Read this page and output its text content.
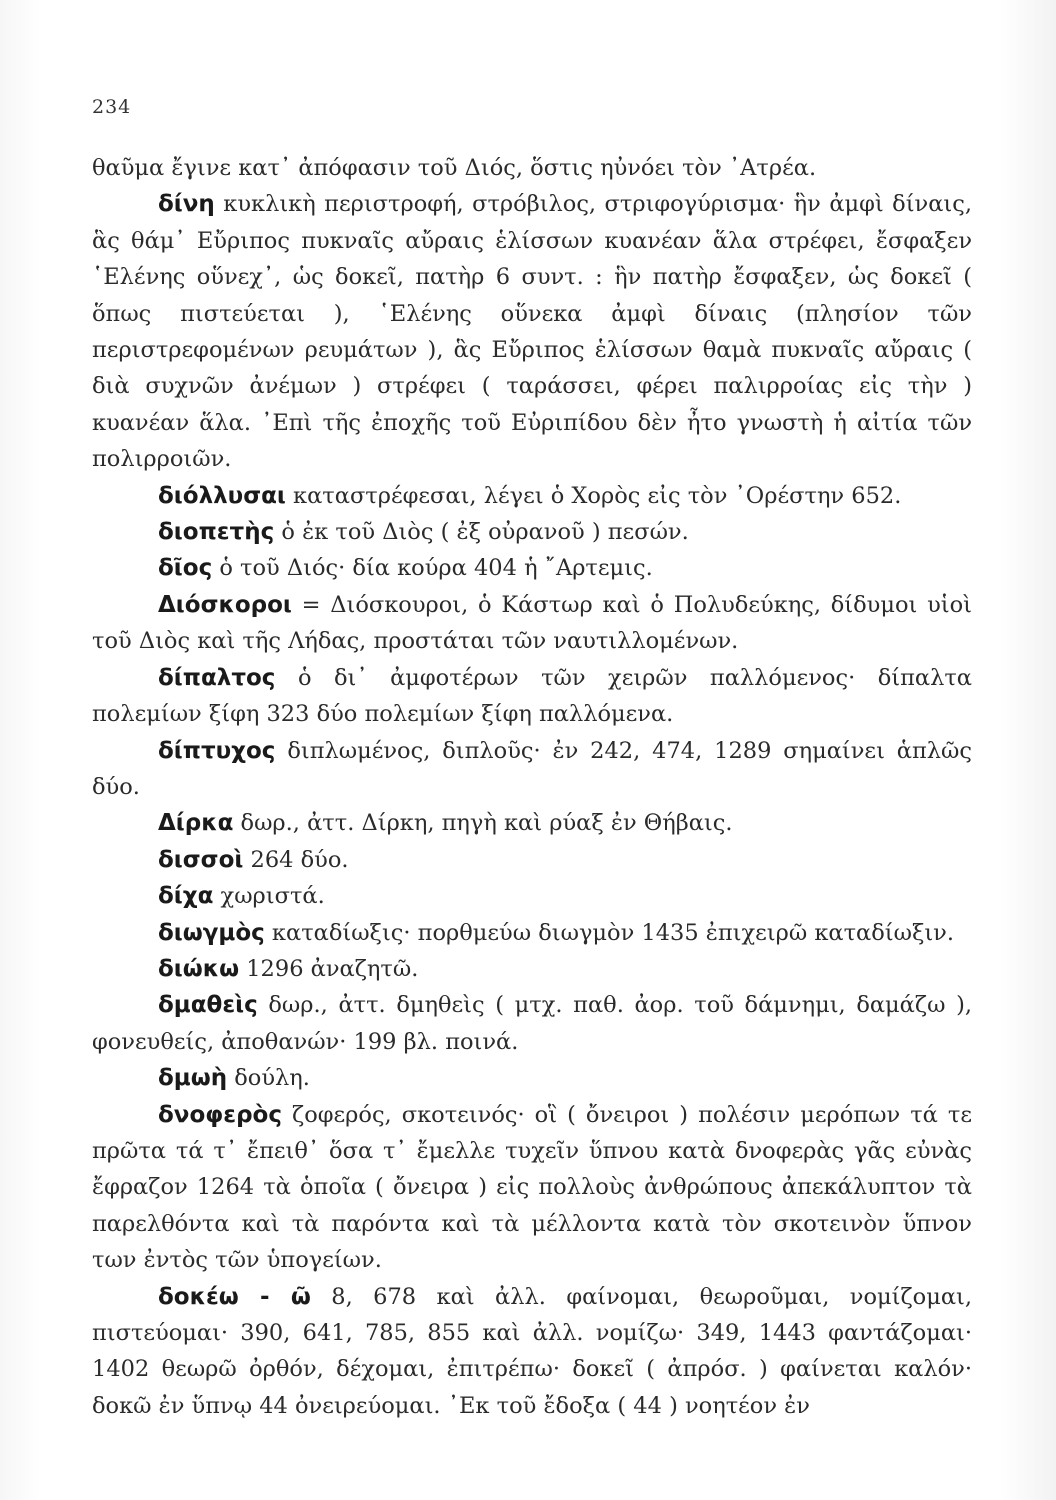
234

θαῦμα ἔγινε κατ᾽ ἀπόφασιν τοῦ Διός, ὅστις ηὐνόει τὸν ᾽Ατρέα.

δίνη κυκλικὴ περιστροφή, στρόβιλος, στριφογύρισμα· ἣν ἀμφὶ δίναις, ἃς θάμ᾽ Εὔριπος πυκναῖς αὔραις ἑλίσσων κυανέαν ἅλα στρέφει, ἔσφαξεν ῾Ελένης οὕνεχ᾽, ὡς δοκεῖ, πατὴρ 6 συντ. : ἣν πατὴρ ἔσφαξεν, ὡς δοκεῖ ( ὅπως πιστεύεται ), ῾Ελένης οὕνεκα ἀμφὶ δίναις (πλησίον τῶν περιστρεφομένων ρευμάτων ), ἃς Εὔριπος ἑλίσσων θαμὰ πυκναῖς αὔραις ( διὰ συχνῶν ἀνέμων ) στρέφει ( ταράσσει, φέρει παλιρροίας εἰς τὴν ) κυανέαν ἅλα. ᾽Επὶ τῆς ἐποχῆς τοῦ Εὐριπίδου δὲν ἦτο γνωστὴ ἡ αἰτία τῶν πολιρροιῶν.

διόλλυσαι καταστρέφεσαι, λέγει ὁ Χορὸς εἰς τὸν ᾽Ορέστην 652.

διοπετὴς ὁ ἐκ τοῦ Διὸς ( ἐξ οὐρανοῦ ) πεσών.

δῖος ὁ τοῦ Διός· δία κούρα 404 ἡ ῎Αρτεμις.

Διόσκοροι = Διόσκουροι, ὁ Κάστωρ καὶ ὁ Πολυδεύκης, δίδυμοι υἱοὶ τοῦ Διὸς καὶ τῆς Λήδας, προστάται τῶν ναυτιλλομένων.

δίπαλτος ὁ δι᾽ ἀμφοτέρων τῶν χειρῶν παλλόμενος· δίπαλτα πολεμίων ξίφη 323 δύο πολεμίων ξίφη παλλόμενα.

δίπτυχος διπλωμένος, διπλοῦς· ἐν 242, 474, 1289 σημαίνει ἁπλῶς δύο.

Δίρκα δωρ., ἀττ. Δίρκη, πηγὴ καὶ ρύαξ ἐν Θήβαις.

δισσοὶ 264 δύο.

δίχα χωριστά.

διωγμὸς καταδίωξις· πορθμεύω διωγμὸν 1435 ἐπιχειρῶ καταδίωξιν.

διώκω 1296 ἀναζητῶ.

δμαθεὶς δωρ., ἀττ. δμηθεὶς ( μτχ. παθ. ἀορ. τοῦ δάμνημι, δαμάζω ), φονευθείς, ἀποθανών· 199 βλ. ποινά.

δμωὴ δούλη.

δνοφερὸς ζοφερός, σκοτεινός· οἳ ( ὄνειροι ) πολέσιν μερόπων τά τε πρῶτα τά τ᾽ ἔπειθ᾽ ὅσα τ᾽ ἔμελλε τυχεῖν ὕπνου κατὰ δνοφερὰς γᾶς εὐνὰς ἔφραζον 1264 τὰ ὁποῖα ( ὄνειρα ) εἰς πολλοὺς ἀνθρώπους ἀπεκάλυπτον τὰ παρελθόντα καὶ τὰ παρόντα καὶ τὰ μέλλοντα κατὰ τὸν σκοτεινὸν ὕπνον των ἐντὸς τῶν ὑπογείων.

δοκέω - ῶ 8, 678 καὶ ἀλλ. φαίνομαι, θεωροῦμαι, νομίζομαι, πιστεύομαι· 390, 641, 785, 855 καὶ ἀλλ. νομίζω· 349, 1443 φαντάζομαι· 1402 θεωρῶ ὀρθόν, δέχομαι, ἐπιτρέπω· δοκεῖ ( ἀπρόσ. ) φαίνεται καλόν· δοκῶ ἐν ὕπνῳ 44 ὀνειρεύομαι. ᾽Εκ τοῦ ἔδοξα ( 44 ) νοητέον ἐν
